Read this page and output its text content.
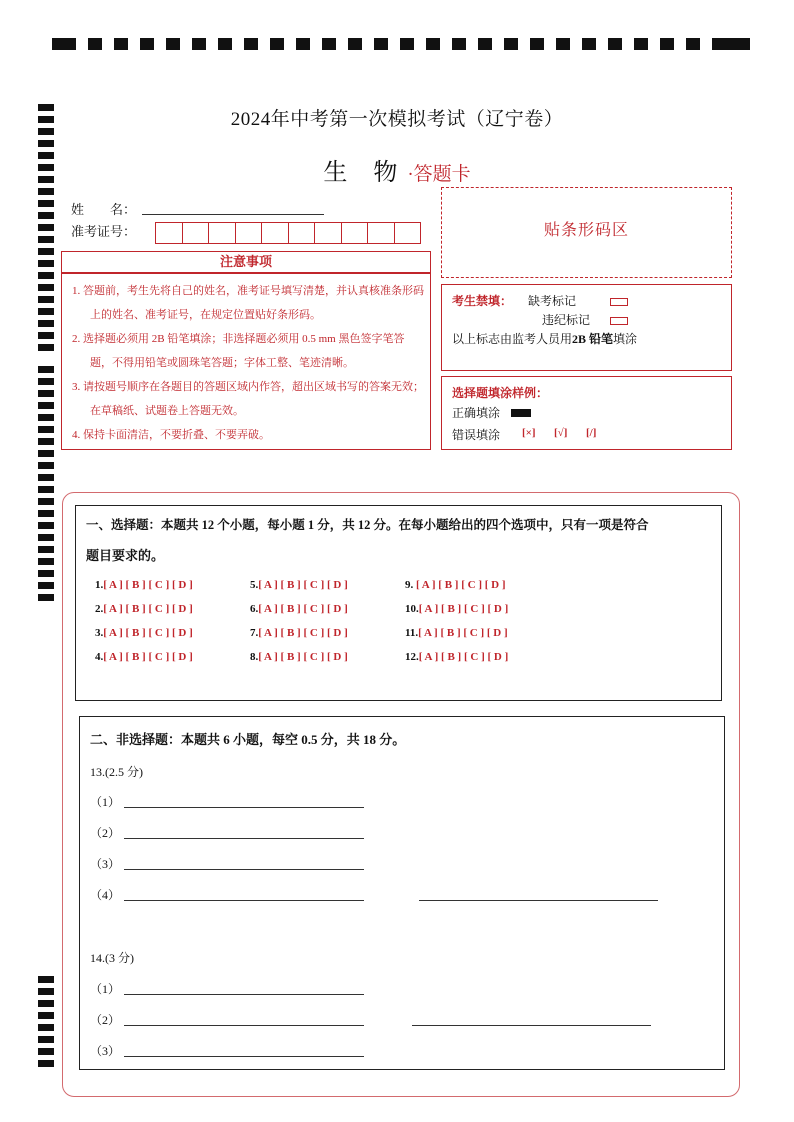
2024年中考第一次模拟考试（辽宁卷）
生 物·答题卡
姓　　名：
准考证号：
注意事项

1. 答题前，考生先将自己的姓名，准考证号填写清楚，并认真核准条形码上的姓名、准考证号，在规定位置贴好条形码。

2. 选择题必须用 2B 铅笔填涂；非选择题必须用 0.5 mm 黑色签字笔答题，不得用铅笔或圆珠笔答题；字体工整、笔迹清晰。

3. 请按题号顺序在各题目的答题区域内作答，超出区域书写的答案无效；在草稿纸、试题卷上答题无效。

4. 保持卡面清洁，不要折叠、不要弄破。

贴条形码区
考生禁填： 缺考标记
违纪标记
以上标志由监考人员用2B 铅笔填涂
选择题填涂样例：
正确填涂
错误填涂 [×] [√] [/]
一、选择题：本题共 12 个小题，每小题 1 分，共 12 分。在每小题给出的四个选项中，只有一项是符合
题目要求的。
1.[ A ] [ B ] [ C ] [ D ]
2.[ A ] [ B ] [ C ] [ D ]
3.[ A ] [ B ] [ C ] [ D ]
4.[ A ] [ B ] [ C ] [ D ]
5.[ A ] [ B ] [ C ] [ D ]
6.[ A ] [ B ] [ C ] [ D ]
7.[ A ] [ B ] [ C ] [ D ]
8.[ A ] [ B ] [ C ] [ D ]
9. [ A ] [ B ] [ C ] [ D ]
10.[ A ] [ B ] [ C ] [ D ]
11.[ A ] [ B ] [ C ] [ D ]
12.[ A ] [ B ] [ C ] [ D ]
二、非选择题：本题共 6 小题，每空 0.5 分，共 18 分。
13.(2.5 分)
（1）
（2）
（3）
（4）
14.(3 分)
（1）
（2）
（3）
